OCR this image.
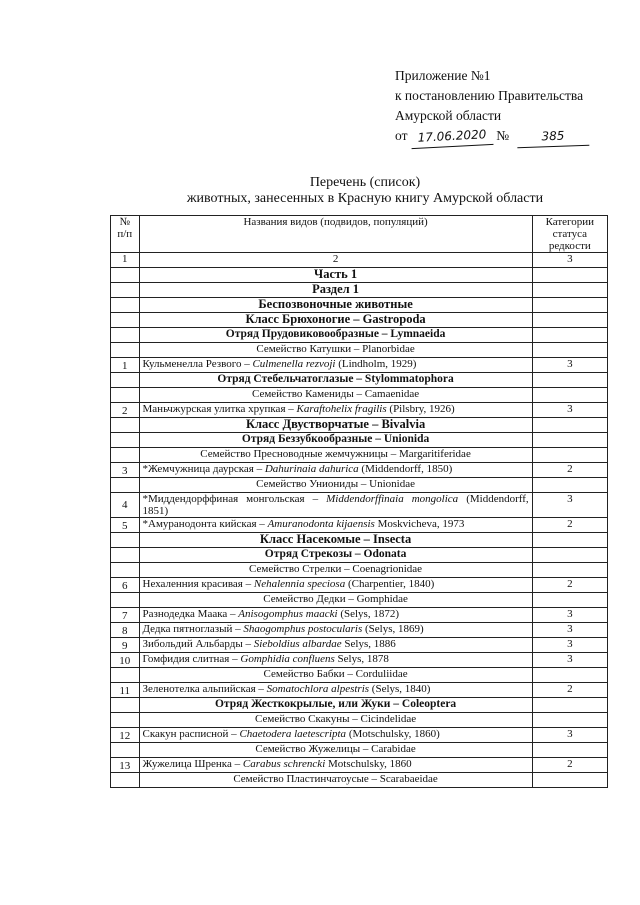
Приложение №1
к постановлению Правительства
Амурской области
от 17.06.2020 №	385
Перечень (список)
животных, занесенных в Красную книгу Амурской области
№ п/п	Названия видов (подвидов, популяций)	Категории статуса редкости
1	2	3
	Часть 1	
	Раздел 1	
	Беспозвоночные животные	
	Класс Брюхоногие – Gastropoda	
	Отряд Прудовиковообразные – Lymnaeida	
	Семейство Катушки – Planorbidae	
1	Кульменелла Резвого – Culmenella rezvoji (Lindholm, 1929)	3
	Отряд Стебельчатоглазые – Stylommatophora	
	Семейство Камениды – Camaenidae	
2	Маньчжурская улитка хрупкая – Karaftohelix fragilis (Pilsbry, 1926)	3
	Класс Двустворчатые – Bivalvia	
	Отряд Беззубкообразные – Unionida	
	Семейство Пресноводные жемчужницы – Margaritiferidae	
3	*Жемчужница даурская – Dahurinaia dahurica (Middendorff, 1850)	2
	Семейство Униониды – Unionidae	
4	*Миддендорффиная монгольская – Middendorffinaia mongolica (Middendorff, 1851)	3
5	*Амуранодонта кийская – Amuranodonta kijaensis Moskvicheva, 1973	2
	Класс Насекомые – Insecta	
	Отряд Стрекозы – Odonata	
	Семейство Стрелки – Coenagrionidae	
6	Нехаленния красивая – Nehalennia speciosa (Charpentier, 1840)	2
	Семейство Дедки – Gomphidae	
7	Разнодедка Маака – Anisogomphus maacki (Selys, 1872)	3
8	Дедка пятноглазый – Shaogomphus postocularis (Selys, 1869)	3
9	Зибольдий Альбарды – Sieboldius albardae Selys, 1886	3
10	Гомфидия слитная – Gomphidia confluens Selys, 1878	3
	Семейство Бабки – Corduliidae	
11	Зеленотелка альпийская – Somatochlora alpestris (Selys, 1840)	2
	Отряд Жесткокрылые, или Жуки – Coleoptera	
	Семейство Скакуны – Cicindelidae	
12	Скакун расписной – Chaetodera laetescripta (Motschulsky, 1860)	3
	Семейство Жужелицы – Carabidae	
13	Жужелица Шренка – Carabus schrencki Motschulsky, 1860	2
	Семейство Пластинчатоусые – Scarabaeidae	
